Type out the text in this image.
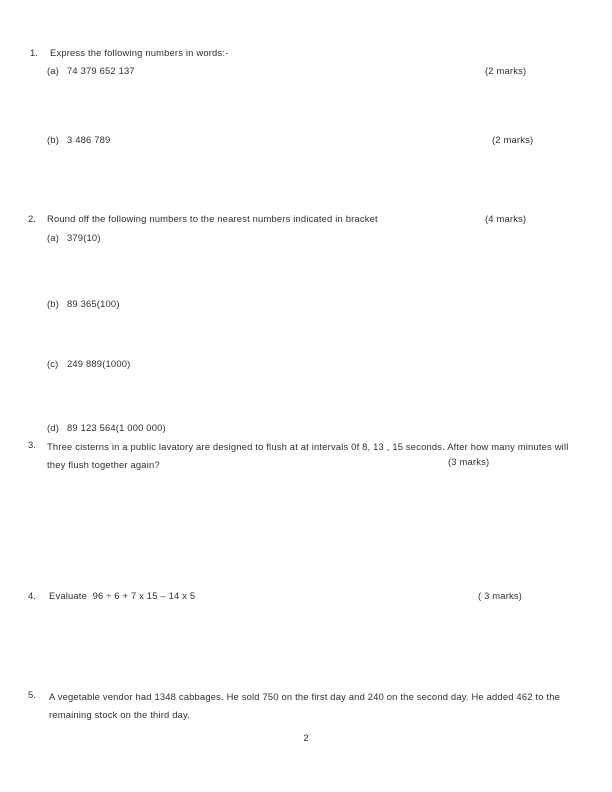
1. Express the following numbers in words:-
(a) 74 379 652 137	(2 marks)
(b) 3 486 789	(2 marks)
2. Round off the following numbers to the nearest numbers indicated in bracket	(4 marks)
(a) 379(10)
(b) 89 365(100)
(c) 249 889(1000)
(d) 89 123 564(1 000 000)
3. Three cisterns in a public lavatory are designed to flush at at intervals 0f 8, 13 , 15 seconds. After how many minutes will they flush together again?	(3 marks)
4. Evaluate  96 ÷ 6 + 7 x 15 – 14 x 5	( 3 marks)
5. A vegetable vendor had 1348 cabbages. He sold 750 on the first day and 240 on the second day. He added 462 to the remaining stock on the third day.
2
